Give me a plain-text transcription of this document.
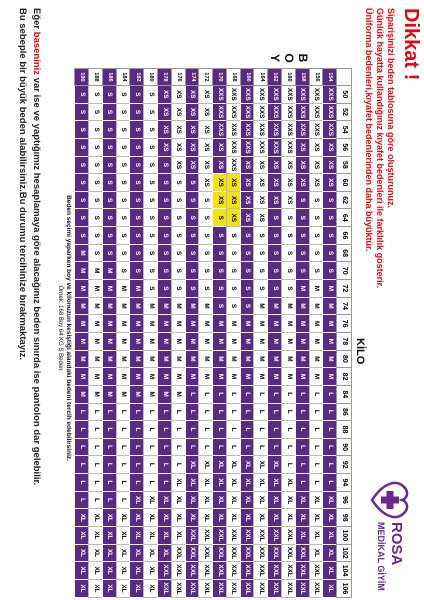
Dikkat !
Siparişinizi beden tablosuna göre oluşturunuz.
Günlük hayatta kullandığınız kıyafet bedenleri ile farklılık gösterir.
Üniforma bedenleri,kıyafet bedenlerinden daha büyüktür.
ROSA
MEDİKAL GİYİM
KİLO
B
O
Y
	50	52	54	56	58	60	62	64	66	68	70	72	74	76	78	80	82	84	86	88	90	92	94	96	98	100	102	104	106
154	XXS	XXS	XXS	XS	XS	XS	S	S	S	S	S	M	M	M	M	M	M	L	L	L	L	L	L	XL	XL	XL	XL	XL	XL
156	XXS	XXS	XXS	XS	XS	XS	S	S	S	S	S	M	M	M	M	M	M	L	L	L	L	L	L	XL	XL	XL	XL	XXL	XXL
158	XXS	XXS	XXS	XS	XS	XS	S	S	S	S	S	M	M	M	M	M	M	L	L	L	L	L	L	XL	XL	XL	XXL	XXL	XXL
160	XXS	XXS	XXS	XXS	XS	XS	XS	S	S	S	S	S	M	M	M	M	M	L	L	L	L	L	XL	XL	XL	XXL	XXL	XXL	XXL
162	XXS	XXS	XXS	XXS	XS	XS	XS	S	S	S	S	S	M	M	M	M	M	L	L	L	L	XL	XL	XL	XL	XXL	XXL	XXL	XXL
164	XXS	XXS	XXS	XXS	XS	XS	XS	XS	S	S	S	S	M	M	M	M	M	L	L	L	L	XL	XL	XL	XL	XXL	XXL	XXL	XXL
166	XXS	XXS	XXS	XXS	XS	XS	XS	XS	S	S	S	S	S	M	M	M	M	L	L	L	L	XL	XL	XL	XL	XXL	XXL	XXL	XXL
168	XXS	XXS	XXS	XXS	XXS	XS	XS	XS	S	S	S	S	S	M	M	M	M	L	L	L	L	XL	XL	XL	XL	XXL	XXL	XXL	XXL
170	XXS	XXS	XXS	XS	XS	XS	XS	S	S	S	S	S	S	M	M	M	M	L	L	L	L	XL	XL	XL	XL	XXL	XXL	XXL	XXL
172	XS	XS	XS	XS	XS	XS	S	S	S	S	S	S	M	M	M	M	M	L	L	L	L	XL	XL	XL	XL	XXL	XXL	XXL	XXL
174	XS	XS	XS	XS	XS	S	S	S	S	S	S	S	M	M	M	M	M	L	L	L	L	XL	XL	XL	XL	XXL	XXL	XXL	XXL
176	XS	XS	XS	XS	XS	S	S	S	S	S	S	S	M	M	M	M	M	M	L	L	L	L	XL	XL	XL	XL	XXL	XXL	XXL
178	XS	XS	XS	XS	S	S	S	S	S	S	S	S	M	M	M	M	M	M	L	L	L	L	L	XL	XL	XL	XL	XXL	XXL
180	S	S	S	S	S	S	S	S	S	S	S	S	M	M	M	M	M	M	L	L	L	L	L	XL	XL	XL	XL	XL	XL
182	S	S	S	S	S	S	S	S	S	S	S	M	M	M	M	M	M	M	L	L	L	L	L	XL	XL	XL	XL	XL	XL
184	S	S	S	S	S	S	S	S	S	S	S	M	M	M	M	M	M	M	L	L	L	L	L	L	XL	XL	XL	XL	XL
186	S	S	S	S	S	S	S	S	S	S	M	M	M	M	M	M	M	M	L	L	L	L	L	L	XL	XL	XL	XL	XL
188	S	S	S	S	S	S	S	S	S	S	M	M	M	M	M	M	M	M	L	L	L	L	L	L	XL	XL	XL	XL	XL
190	S	S	S	S	S	S	S	S	S	M	M	M	M	M	M	M	M	M	L	L	L	L	L	L	XL	XL	XL	XL	XL
Beden seçimi yaparken boy ve kilonuzun kesiştiği alandaki bedeni tercih edebilirsiniz.
Örnek: 168 Boy 64 KG S Beden
Eğer baseniniz var ise ve yaptığımız hesaplamaya göre alacağınız beden sınırda ise pantolon dar gelebilir.
Bu sebeple bir büyük beden alabilirsiniz.Bu durumu tercihinize bırakmaktayız.
